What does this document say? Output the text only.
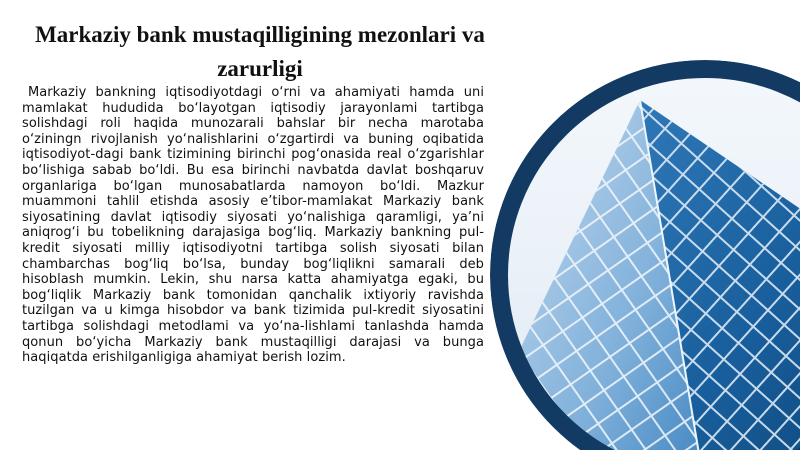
Markaziy bank mustaqilligining mezonlari va zarurligi

Markaziy bankning iqtisodiyotdagi o‘rni va ahamiyati hamda uni mamlakat hududida bo‘layotgan iqtisodiy jarayonlami tartibga solishdagi roli haqida munozarali bahslar bir necha marotaba o‘ziningn rivojlanish yo‘nalishlarini o‘zgartirdi va buning oqibatida iqtisodiyot-dagi bank tizimining birinchi pog‘onasida real o‘zgarishlar bo‘lishiga sabab bo‘ldi. Bu esa birinchi navbatda davlat boshqaruv organlariga bo‘lgan munosabatlarda namoyon bo‘ldi. Mazkur muammoni tahlil etishda asosiy e’tibor-mamlakat Markaziy bank siyosatining davlat iqtisodiy siyosati yo‘nalishiga qaramligi, ya’ni aniqrog‘i bu tobelikning darajasiga bog‘liq. Markaziy bankning pul-kredit siyosati milliy iqtisodiyotni tartibga solish siyosati bilan chambarchas bog‘liq bo‘lsa, bunday bog‘liqlikni samarali deb hisoblash mumkin. Lekin, shu narsa katta ahamiyatga egaki, bu bog‘liqlik Markaziy bank tomonidan qanchalik ixtiyoriy ravishda tuzilgan va u kimga hisobdor va bank tizimida pul-kredit siyosatini tartibga solishdagi metodlami va yo‘na-lishlami tanlashda hamda qonun bo‘yicha Markaziy bank mustaqilligi darajasi va bunga haqiqatda erishilganligiga ahamiyat berish lozim.
